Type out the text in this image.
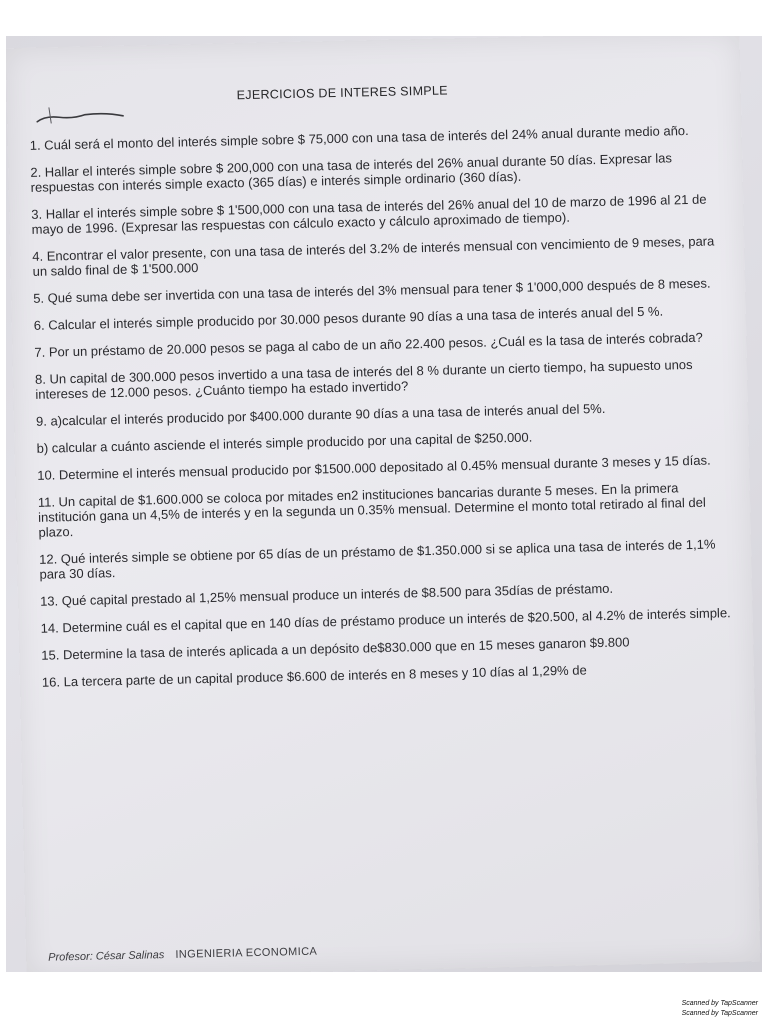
EJERCICIOS DE INTERES SIMPLE

1. Cuál será el monto del interés simple sobre $ 75,000 con una tasa de interés del 24% anual durante medio año.

2. Hallar el interés simple sobre $ 200,000 con una tasa de interés del 26% anual durante 50 días. Expresar las respuestas con interés simple exacto (365 días) e interés simple ordinario (360 días).

3. Hallar el interés simple sobre $ 1'500,000 con una tasa de interés del 26% anual del 10 de marzo de 1996 al 21 de mayo de 1996. (Expresar las respuestas con cálculo exacto y cálculo aproximado de tiempo).

4. Encontrar el valor presente, con una tasa de interés del 3.2% de interés mensual con vencimiento de 9 meses, para un saldo final de $ 1'500.000

5. Qué suma debe ser invertida con una tasa de interés del 3% mensual para tener $ 1'000,000 después de 8 meses.

6. Calcular el interés simple producido por 30.000 pesos durante 90 días a una tasa de interés anual del 5 %.

7. Por un préstamo de 20.000 pesos se paga al cabo de un año 22.400 pesos. ¿Cuál es la tasa de interés cobrada?

8. Un capital de 300.000 pesos invertido a una tasa de interés del 8 % durante un cierto tiempo, ha supuesto unos intereses de 12.000 pesos. ¿Cuánto tiempo ha estado invertido?

9. a)calcular el interés producido por $400.000 durante 90 días a una tasa de interés anual del 5%.

b) calcular a cuánto asciende el interés simple producido por una capital de $250.000.

10. Determine el interés mensual producido por $1500.000 depositado al 0.45% mensual durante 3 meses y 15 días.

11. Un capital de $1.600.000 se coloca por mitades en2 instituciones bancarias durante 5 meses. En la primera institución gana un 4,5% de interés y en la segunda un 0.35% mensual. Determine el monto total retirado al final del plazo.

12. Qué interés simple se obtiene por 65 días de un préstamo de $1.350.000 si se aplica una tasa de interés de 1,1% para 30 días.

13. Qué capital prestado al 1,25% mensual produce un interés de $8.500 para 35días de préstamo.

14. Determine cuál es el capital que en 140 días de préstamo produce un interés de $20.500, al 4.2% de interés simple.

15. Determine la tasa de interés aplicada a un depósito de$830.000 que en 15 meses ganaron $9.800

16. La tercera parte de un capital produce $6.600 de interés en 8 meses y 10 días al 1,29% de

Profesor: César Salinas INGENIERIA ECONOMICA
Scanned by TapScanner
Scanned by TapScanner
